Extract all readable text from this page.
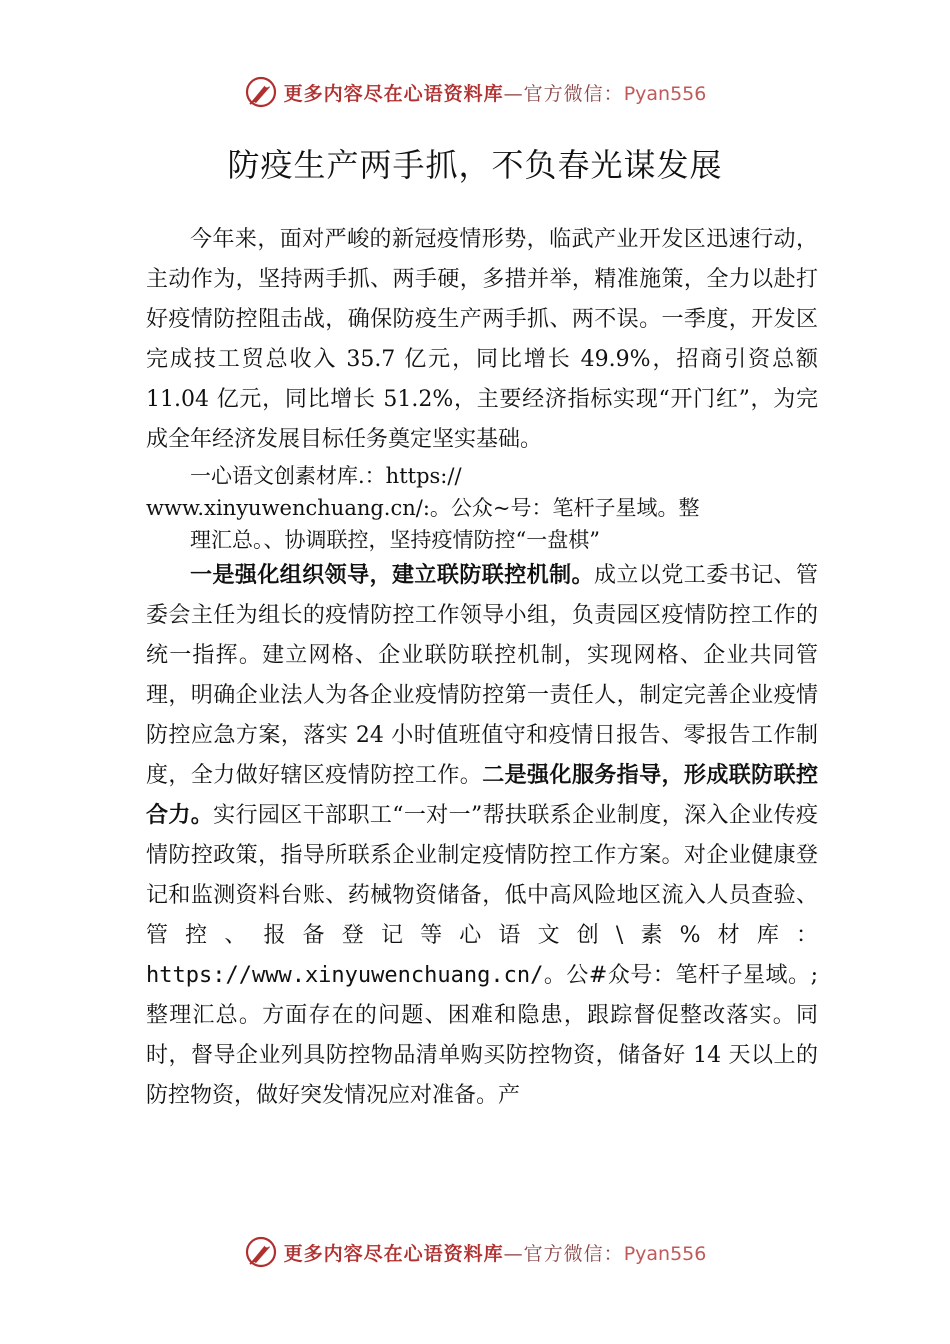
更多内容尽在心语资料库—官方微信：Pyan556
防疫生产两手抓，不负春光谋发展

今年来，面对严峻的新冠疫情形势，临武产业开发区迅速行动，主动作为，坚持两手抓、两手硬，多措并举，精准施策，全力以赴打好疫情防控阻击战，确保防疫生产两手抓、两不误。一季度，开发区完成技工贸总收入 35.7 亿元，同比增长 49.9%，招商引资总额 11.04 亿元，同比增长 51.2%，主要经济指标实现“开门红”，为完成全年经济发展目标任务奠定坚实基础。

一心语文创素材库.：https://
www.xinyuwenchuang.cn/:。公众~号：笔杆子星域。整
理汇总。、协调联控，坚持疫情防控“一盘棋”

一是强化组织领导，建立联防联控机制。成立以党工委书记、管委会主任为组长的疫情防控工作领导小组，负责园区疫情防控工作的统一指挥。建立网格、企业联防联控机制，实现网格、企业共同管理，明确企业法人为各企业疫情防控第一责任人，制定完善企业疫情防控应急方案，落实 24 小时值班值守和疫情日报告、零报告工作制度，全力做好辖区疫情防控工作。二是强化服务指导，形成联防联控合力。实行园区干部职工“一对一”帮扶联系企业制度，深入企业传疫情防控政策，指导所联系企业制定疫情防控工作方案。对企业健康登记和监测资料台账、药械物资储备，低中高风险地区流入人员查验、管控、报备登记等心语文创\素%材库：https://www.xinyuwenchuang.cn/。公#众号：笔杆子星域。;整理汇总。方面存在的问题、困难和隐患，跟踪督促整改落实。同时，督导企业列具防控物品清单购买防控物资，储备好 14 天以上的防控物资，做好突发情况应对准备。产

更多内容尽在心语资料库—官方微信：Pyan556
